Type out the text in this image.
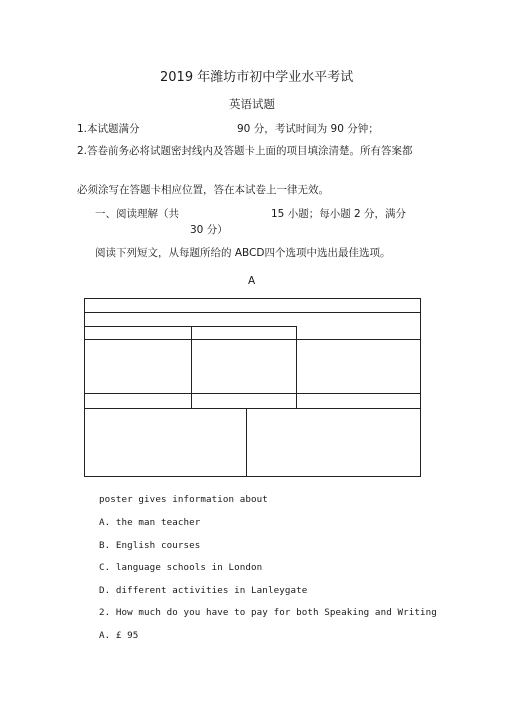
2019 年潍坊市初中学业水平考试
英语试题
1.本试题满分	90 分，考试时间为 90 分钟；
2.答卷前务必将试题密封线内及答题卡上面的项目填涂清楚。所有答案都
必须涂写在答题卡相应位置，答在本试卷上一律无效。
一、阅读理解（共	15 小题；每小题 2 分，满分
30 分）
阅读下列短文，从每题所给的 ABCD四个选项中选出最佳选项。
A
poster gives information about
A. the man teacher
B. English courses
C. language schools in London
D. different activities in Lanleygate
2. How much do you have to pay for both Speaking and Writing
A. £ 95
